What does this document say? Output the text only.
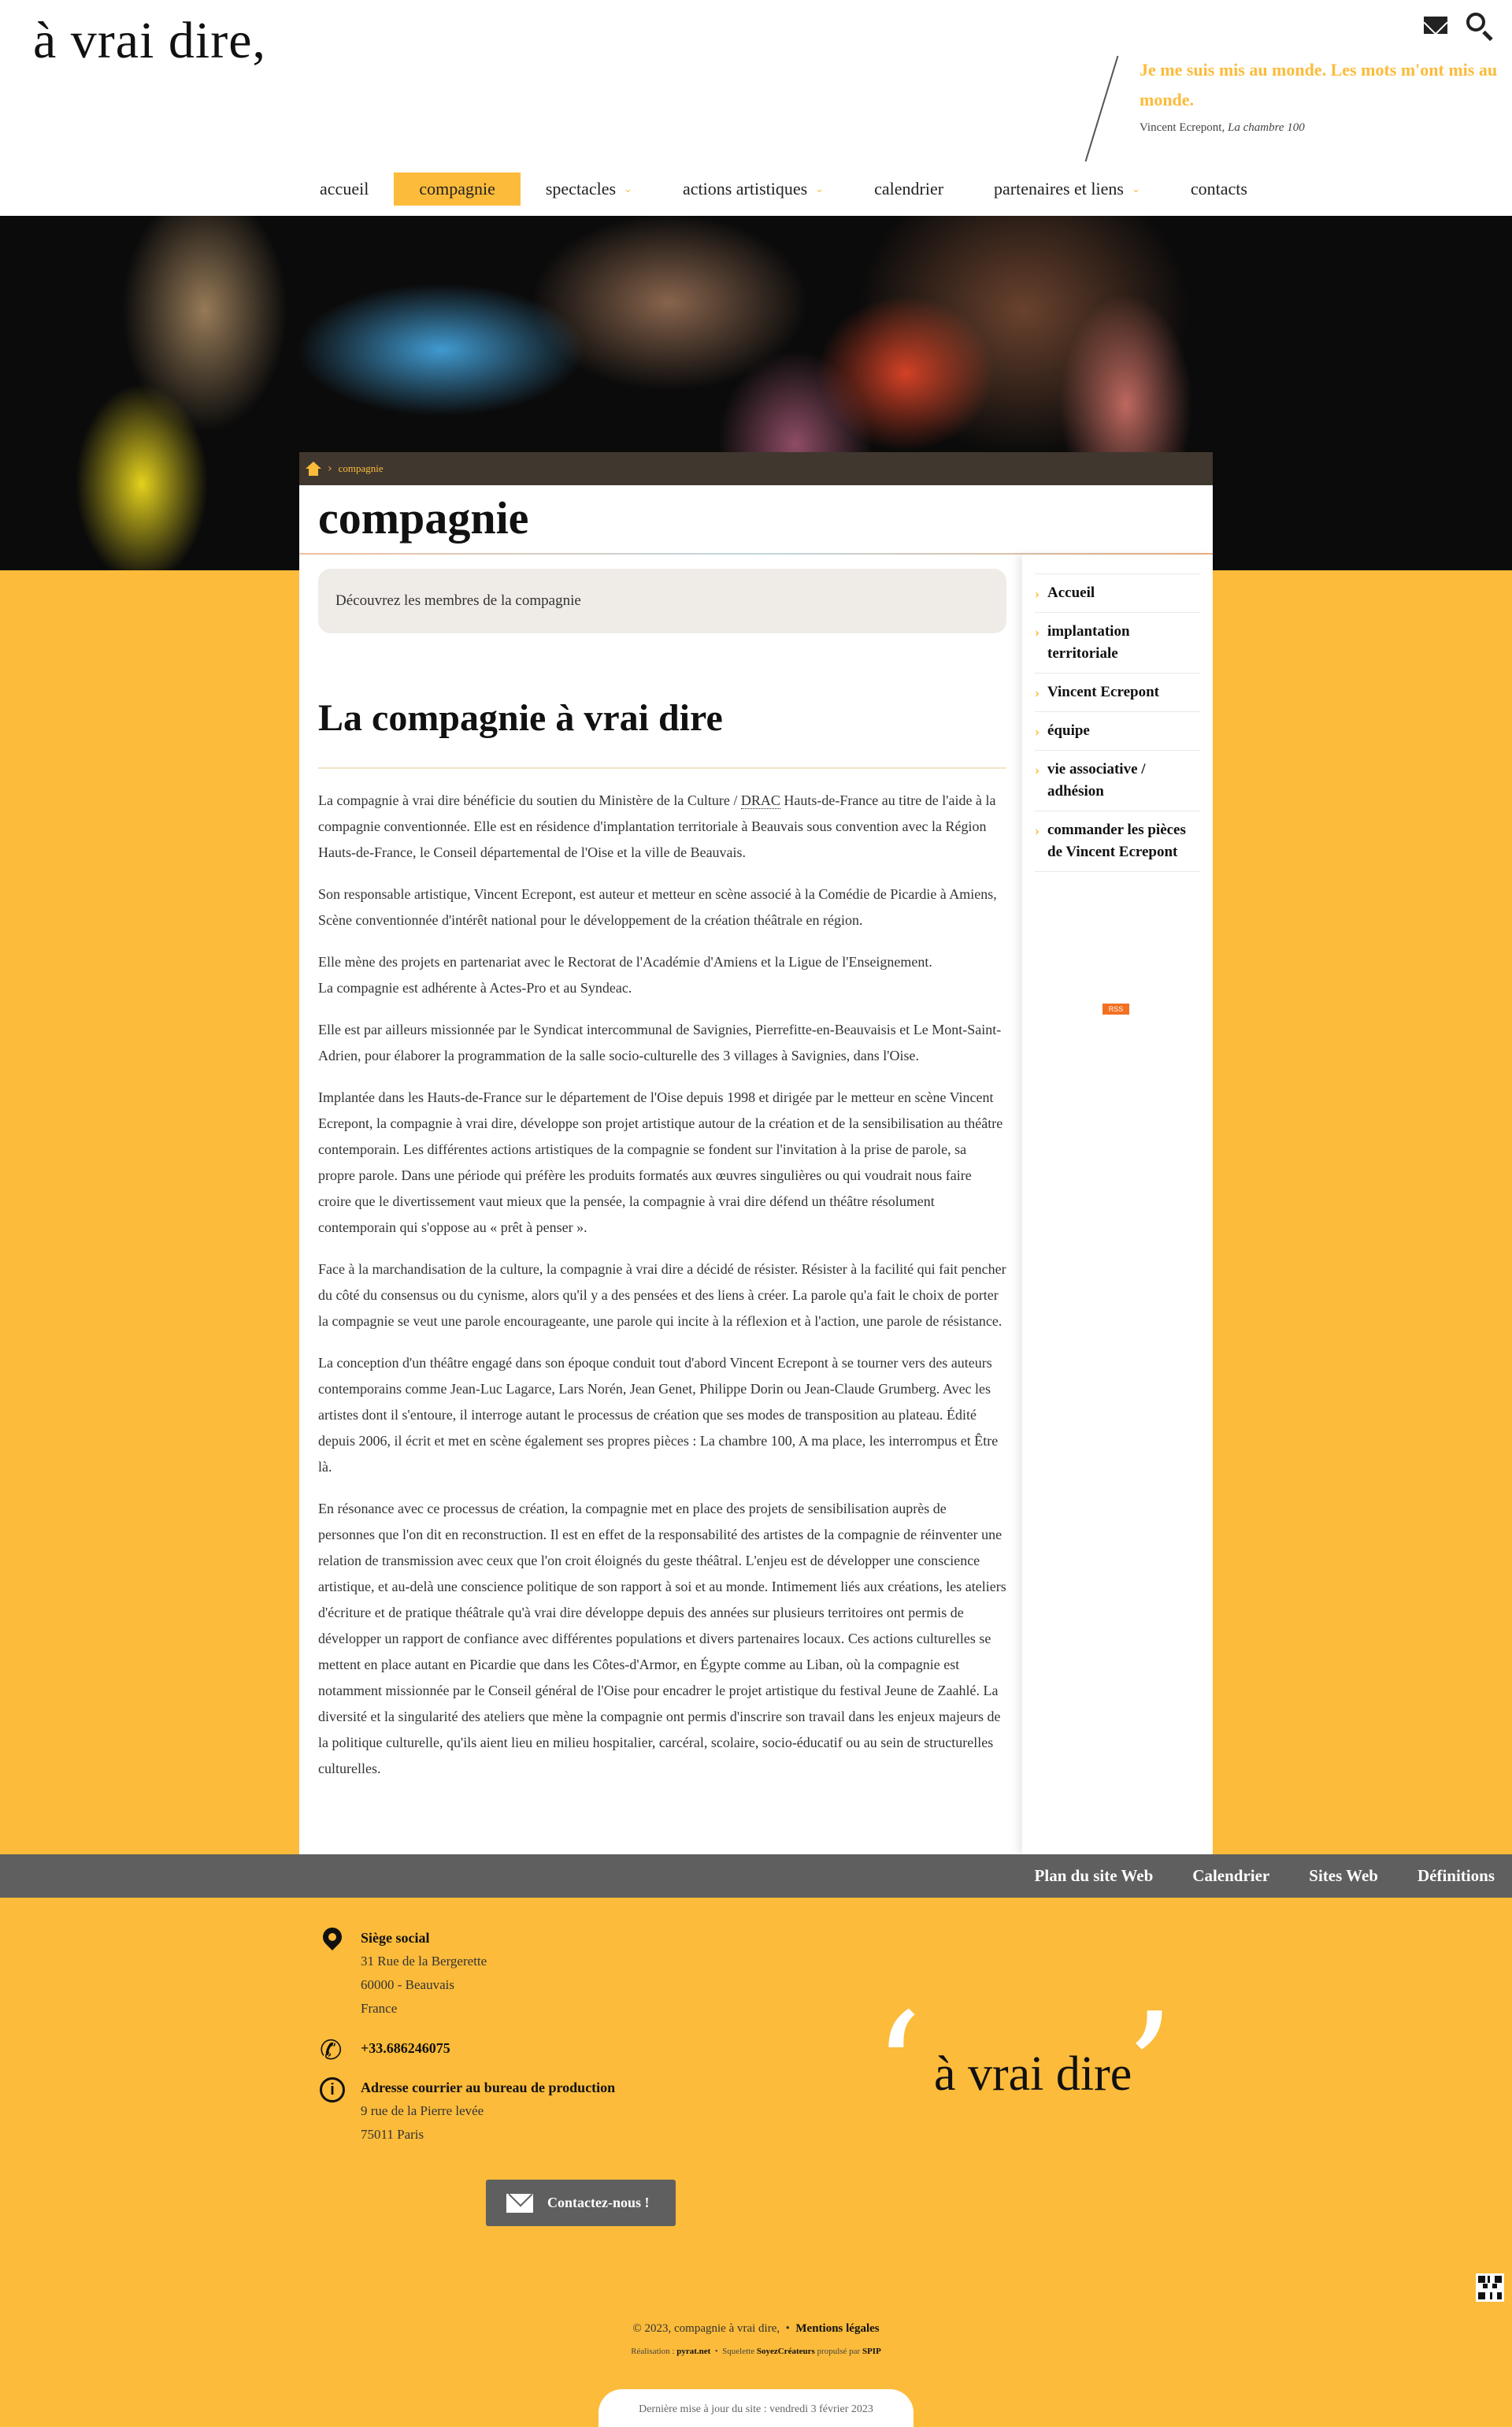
à vrai dire,
Je me suis mis au monde. Les mots m'ont mis au monde.
Vincent Ecrepont, La chambre 100
accueil	compagnie	spectacles ⌄	actions artistiques ⌄	calendrier	partenaires et liens ⌄	contacts
› compagnie
compagnie
Découvrez les membres de la compagnie
La compagnie à vrai dire

La compagnie à vrai dire bénéficie du soutien du Ministère de la Culture / DRAC Hauts-de-France au titre de l'aide à la compagnie conventionnée. Elle est en résidence d'implantation territoriale à Beauvais sous convention avec la Région Hauts-de-France, le Conseil départemental de l'Oise et la ville de Beauvais.

Son responsable artistique, Vincent Ecrepont, est auteur et metteur en scène associé à la Comédie de Picardie à Amiens, Scène conventionnée d'intérêt national pour le développement de la création théâtrale en région.

Elle mène des projets en partenariat avec le Rectorat de l'Académie d'Amiens et la Ligue de l'Enseignement.
La compagnie est adhérente à Actes-Pro et au Syndeac.

Elle est par ailleurs missionnée par le Syndicat intercommunal de Savignies, Pierrefitte-en-Beauvaisis et Le Mont-Saint-Adrien, pour élaborer la programmation de la salle socio-culturelle des 3 villages à Savignies, dans l'Oise.

Implantée dans les Hauts-de-France sur le département de l'Oise depuis 1998 et dirigée par le metteur en scène Vincent Ecrepont, la compagnie à vrai dire, développe son projet artistique autour de la création et de la sensibilisation au théâtre contemporain. Les différentes actions artistiques de la compagnie se fondent sur l'invitation à la prise de parole, sa propre parole. Dans une période qui préfère les produits formatés aux œuvres singulières ou qui voudrait nous faire croire que le divertissement vaut mieux que la pensée, la compagnie à vrai dire défend un théâtre résolument contemporain qui s'oppose au « prêt à penser ».

Face à la marchandisation de la culture, la compagnie à vrai dire a décidé de résister. Résister à la facilité qui fait pencher du côté du consensus ou du cynisme, alors qu'il y a des pensées et des liens à créer. La parole qu'a fait le choix de porter la compagnie se veut une parole encourageante, une parole qui incite à la réflexion et à l'action, une parole de résistance.

La conception d'un théâtre engagé dans son époque conduit tout d'abord Vincent Ecrepont à se tourner vers des auteurs contemporains comme Jean-Luc Lagarce, Lars Norén, Jean Genet, Philippe Dorin ou Jean-Claude Grumberg. Avec les artistes dont il s'entoure, il interroge autant le processus de création que ses modes de transposition au plateau. Édité depuis 2006, il écrit et met en scène également ses propres pièces : La chambre 100, A ma place, les interrompus et Être là.

En résonance avec ce processus de création, la compagnie met en place des projets de sensibilisation auprès de personnes que l'on dit en reconstruction. Il est en effet de la responsabilité des artistes de la compagnie de réinventer une relation de transmission avec ceux que l'on croit éloignés du geste théâtral. L'enjeu est de développer une conscience artistique, et au-delà une conscience politique de son rapport à soi et au monde. Intimement liés aux créations, les ateliers d'écriture et de pratique théâtrale qu'à vrai dire développe depuis des années sur plusieurs territoires ont permis de développer un rapport de confiance avec différentes populations et divers partenaires locaux. Ces actions culturelles se mettent en place autant en Picardie que dans les Côtes-d'Armor, en Égypte comme au Liban, où la compagnie est notamment missionnée par le Conseil général de l'Oise pour encadrer le projet artistique du festival Jeune de Zaahlé. La diversité et la singularité des ateliers que mène la compagnie ont permis d'inscrire son travail dans les enjeux majeurs de la politique culturelle, qu'ils aient lieu en milieu hospitalier, carcéral, scolaire, socio-éducatif ou au sein de structurelles culturelles.

› Accueil
› implantation territoriale
› Vincent Ecrepont
› équipe
› vie associative / adhésion
› commander les pièces de Vincent Ecrepont
RSS
Plan du site Web Calendrier Sites Web Définitions
Siège social
31 Rue de la Bergerette
60000 - Beauvais
France
✆ +33.686246075
i	Adresse courrier au bureau de production
9 rue de la Pierre levée
75011 Paris
Contactez-nous !
‘ à vrai dire
’
© 2023, compagnie à vrai dire, • Mentions légales
Réalisation : pyrat.net • Squelette SoyezCréateurs propulsé par SPIP
Dernière mise à jour du site : vendredi 3 février 2023
